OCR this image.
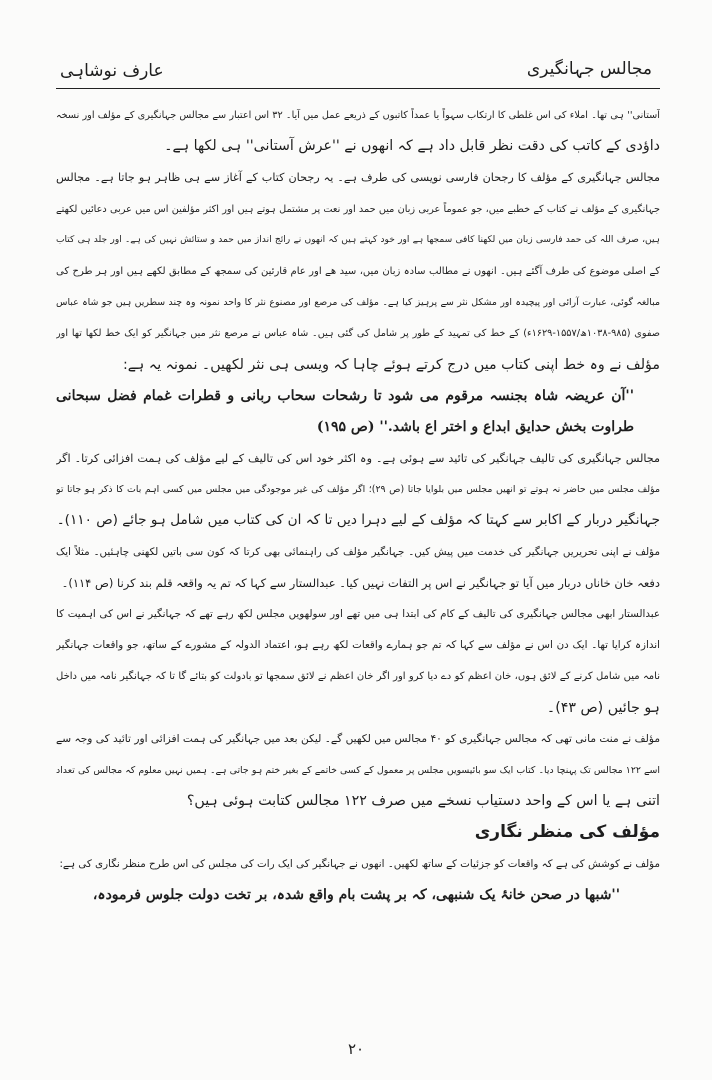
مجالس جہانگیری
عارف نوشاہی
آستانی'' ہی تھا۔ املاء کی اس غلطی کا ارتکاب سہواً یا عمداً کاتبوں کے ذریعے عمل میں آیا۔ ۳۲ اس اعتبار سے مجالس جہانگیری کے مؤلف اور نسخہ
داؤدی کے کاتب کی دقت نظر قابل داد ہے کہ انھوں نے ''عرش آستانی'' ہی لکھا ہے۔
مجالس جہانگیری کے مؤلف کا رجحان فارسی نویسی کی طرف ہے۔ یہ رجحان کتاب کے آغاز سے ہی ظاہر ہو جاتا ہے۔ مجالس
جہانگیری کے مؤلف نے کتاب کے خطبے میں، جو عموماً عربی زبان میں حمد اور نعت پر مشتمل ہوتے ہیں اور اکثر مؤلفین اس میں عربی دعائیں لکھتے
ہیں، صرف اللہ کی حمد فارسی زبان میں لکھنا کافی سمجھا ہے اور خود کہتے ہیں کہ انھوں نے رائج انداز میں حمد و ستائش نہیں کی ہے۔ اور جلد ہی کتاب
کے اصلی موضوع کی طرف آگئے ہیں۔ انھوں نے مطالب سادہ زبان میں، سید ھے اور عام قارئین کی سمجھ کے مطابق لکھے ہیں اور ہر طرح کی
مبالغہ گوئی، عبارت آرائی اور پیچیدہ اور مشکل نثر سے پرہیز کیا ہے۔ مؤلف کی مرصع اور مصنوع نثر کا واحد نمونہ وہ چند سطریں ہیں جو شاہ عباس
صفوی (۹۸۵-۱۰۳۸ھ/۱۵۵۷-۱۶۲۹ء) کے خط کی تمہید کے طور پر شامل کی گئی ہیں۔ شاہ عباس نے مرصع نثر میں جہانگیر کو ایک خط لکھا تھا اور
مؤلف نے وہ خط اپنی کتاب میں درج کرتے ہوئے چاہا کہ ویسی ہی نثر لکھیں۔ نمونہ یہ ہے:
''آن عریضہ شاہ بجنسہ مرقوم می شود تا رشحات سحاب ربانی و قطرات غمام فضل سبحانی
طراوت بخش حدایق ابداع و اختر اع باشد.'' (ص ۱۹۵)
مجالس جہانگیری کی تالیف جہانگیر کی تائید سے ہوئی ہے۔ وہ اکثر خود اس کی تالیف کے لیے مؤلف کی ہمت افزائی کرتا۔ اگر
مؤلف مجلس میں حاضر نہ ہوتے تو انھیں مجلس میں بلوایا جاتا (ص ۲۹)؛ اگر مؤلف کی غیر موجودگی میں مجلس میں کسی اہم بات کا ذکر ہو جاتا تو
جہانگیر دربار کے اکابر سے کہتا کہ مؤلف کے لیے دہرا دیں تا کہ ان کی کتاب میں شامل ہو جائے (ص ۱۱۰)۔
مؤلف نے اپنی تحریریں جہانگیر کی خدمت میں پیش کیں۔ جہانگیر مؤلف کی راہنمائی بھی کرتا کہ کون سی باتیں لکھنی چاہئیں۔ مثلاً ایک
دفعہ خان خاناں دربار میں آیا تو جہانگیر نے اس پر التفات نہیں کیا۔ عبدالستار سے کہا کہ تم یہ واقعہ قلم بند کرنا (ص ۱۱۴)۔
عبدالستار ابھی مجالس جہانگیری کی تالیف کے کام کی ابتدا ہی میں تھے اور سولھویں مجلس لکھ رہے تھے کہ جہانگیر نے اس کی اہمیت کا
اندازہ کرایا تھا۔ ایک دن اس نے مؤلف سے کہا کہ تم جو ہمارے واقعات لکھ رہے ہو، اعتماد الدولہ کے مشورے کے ساتھ، جو واقعات جہانگیر
نامہ میں شامل کرنے کے لائق ہوں، خان اعظم کو دے دیا کرو اور اگر خان اعظم نے لائق سمجھا تو بادولت کو بتائے گا تا کہ جہانگیر نامہ میں داخل
ہو جائیں (ص ۴۳)۔
مؤلف نے منت مانی تھی کہ مجالس جہانگیری کو ۴۰ مجالس میں لکھیں گے۔ لیکن بعد میں جہانگیر کی ہمت افزائی اور تائید کی وجہ سے
اسے ۱۲۲ مجالس تک پہنچا دیا۔ کتاب ایک سو بائیسویں مجلس پر معمول کے کسی خاتمے کے بغیر ختم ہو جاتی ہے۔ ہمیں نہیں معلوم کہ مجالس کی تعداد
اتنی ہے یا اس کے واحد دستیاب نسخے میں صرف ۱۲۲ مجالس کتابت ہوئی ہیں؟
مؤلف کی منظر نگاری
مؤلف نے کوشش کی ہے کہ واقعات کو جزئیات کے ساتھ لکھیں۔ انھوں نے جہانگیر کی ایک رات کی مجلس کی اس طرح منظر نگاری کی ہے:
''شبھا در صحن خانۂ یک شنبھی، کہ بر پشت بام واقع شدہ، بر تخت دولت جلوس فرمودہ،
۲۰
